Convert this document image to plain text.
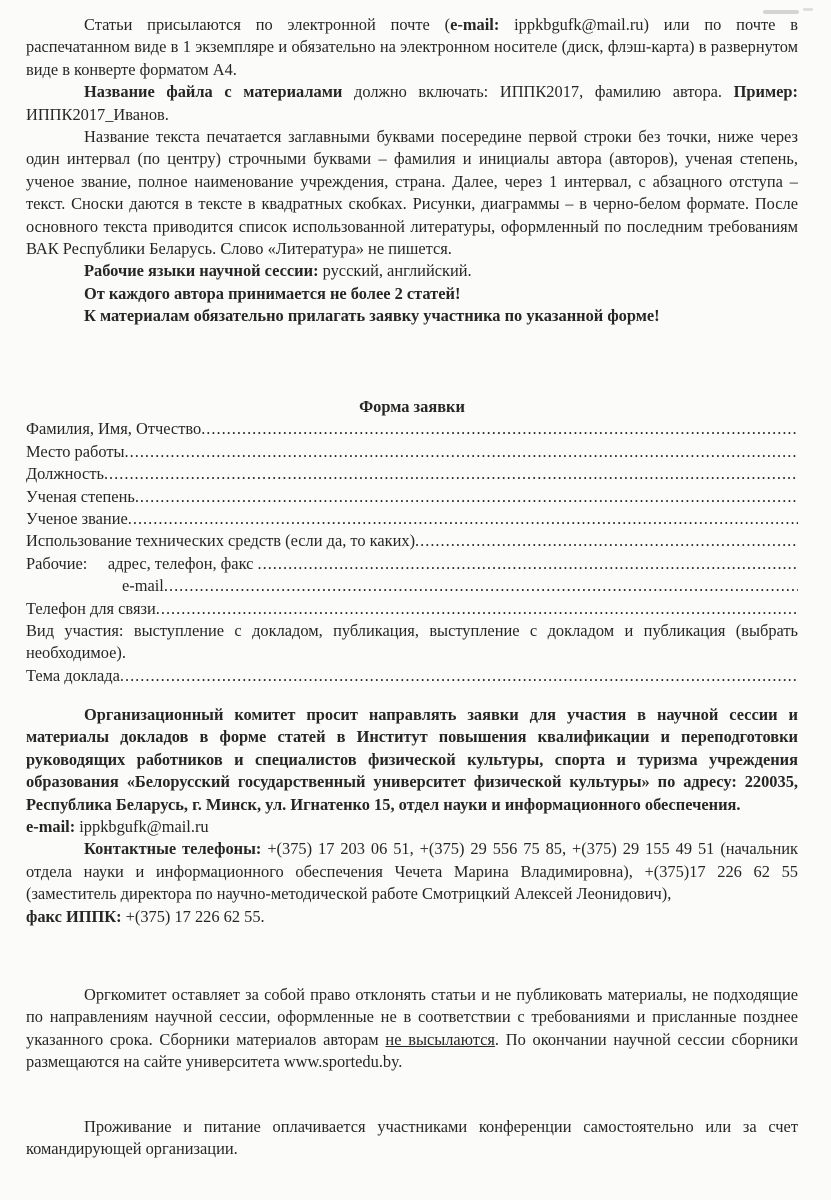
Статьи присылаются по электронной почте (e-mail: ippkbgufk@mail.ru) или по почте в распечатанном виде в 1 экземпляре и обязательно на электронном носителе (диск, флэш-карта) в развернутом виде в конверте форматом А4.

Название файла с материалами должно включать: ИППК2017, фамилию автора. Пример: ИППК2017_Иванов.

Название текста печатается заглавными буквами посередине первой строки без точки, ниже через один интервал (по центру) строчными буквами – фамилия и инициалы автора (авторов), ученая степень, ученое звание, полное наименование учреждения, страна. Далее, через 1 интервал, с абзацного отступа – текст. Сноски даются в тексте в квадратных скобках. Рисунки, диаграммы – в черно-белом формате. После основного текста приводится список использованной литературы, оформленный по последним требованиям ВАК Республики Беларусь. Слово «Литература» не пишется.

Рабочие языки научной сессии: русский, английский.

От каждого автора принимается не более 2 статей!

К материалам обязательно прилагать заявку участника по указанной форме!

Форма заявки

Фамилия, Имя, Отчество
.....
Место работы
.....
Должность
.....
Ученая степень
.....
Ученое звание
.....
Использование технических средств (если да, то каких)
.....
Рабочие:     адрес, телефон, факс
.....
e-mail
.....
Телефон для связи
.....

Вид участия: выступление с докладом, публикация, выступление с докладом и публикация (выбрать необходимое).

Тема доклада
.....

Организационный комитет просит направлять заявки для участия в научной сессии и материалы докладов в форме статей в Институт повышения квалификации и переподготовки руководящих работников и специалистов физической культуры, спорта и туризма учреждения образования «Белорусский государственный университет физической культуры» по адресу: 220035, Республика Беларусь, г. Минск, ул. Игнатенко 15, отдел науки и информационного обеспечения.

e-mail: ippkbgufk@mail.ru

Контактные телефоны: +(375) 17 203 06 51, +(375) 29 556 75 85, +(375) 29 155 49 51 (начальник отдела науки и информационного обеспечения Чечета Марина Владимировна), +(375)17 226 62 55 (заместитель директора по научно-методической работе Смотрицкий Алексей Леонидович),

факс ИППК: +(375) 17 226 62 55.

Оргкомитет оставляет за собой право отклонять статьи и не публиковать материалы, не подходящие по направлениям научной сессии, оформленные не в соответствии с требованиями и присланные позднее указанного срока. Сборники материалов авторам не высылаются. По окончании научной сессии сборники размещаются на сайте университета www.sportedu.by.

Проживание и питание оплачивается участниками конференции самостоятельно или за счет командирующей организации.
